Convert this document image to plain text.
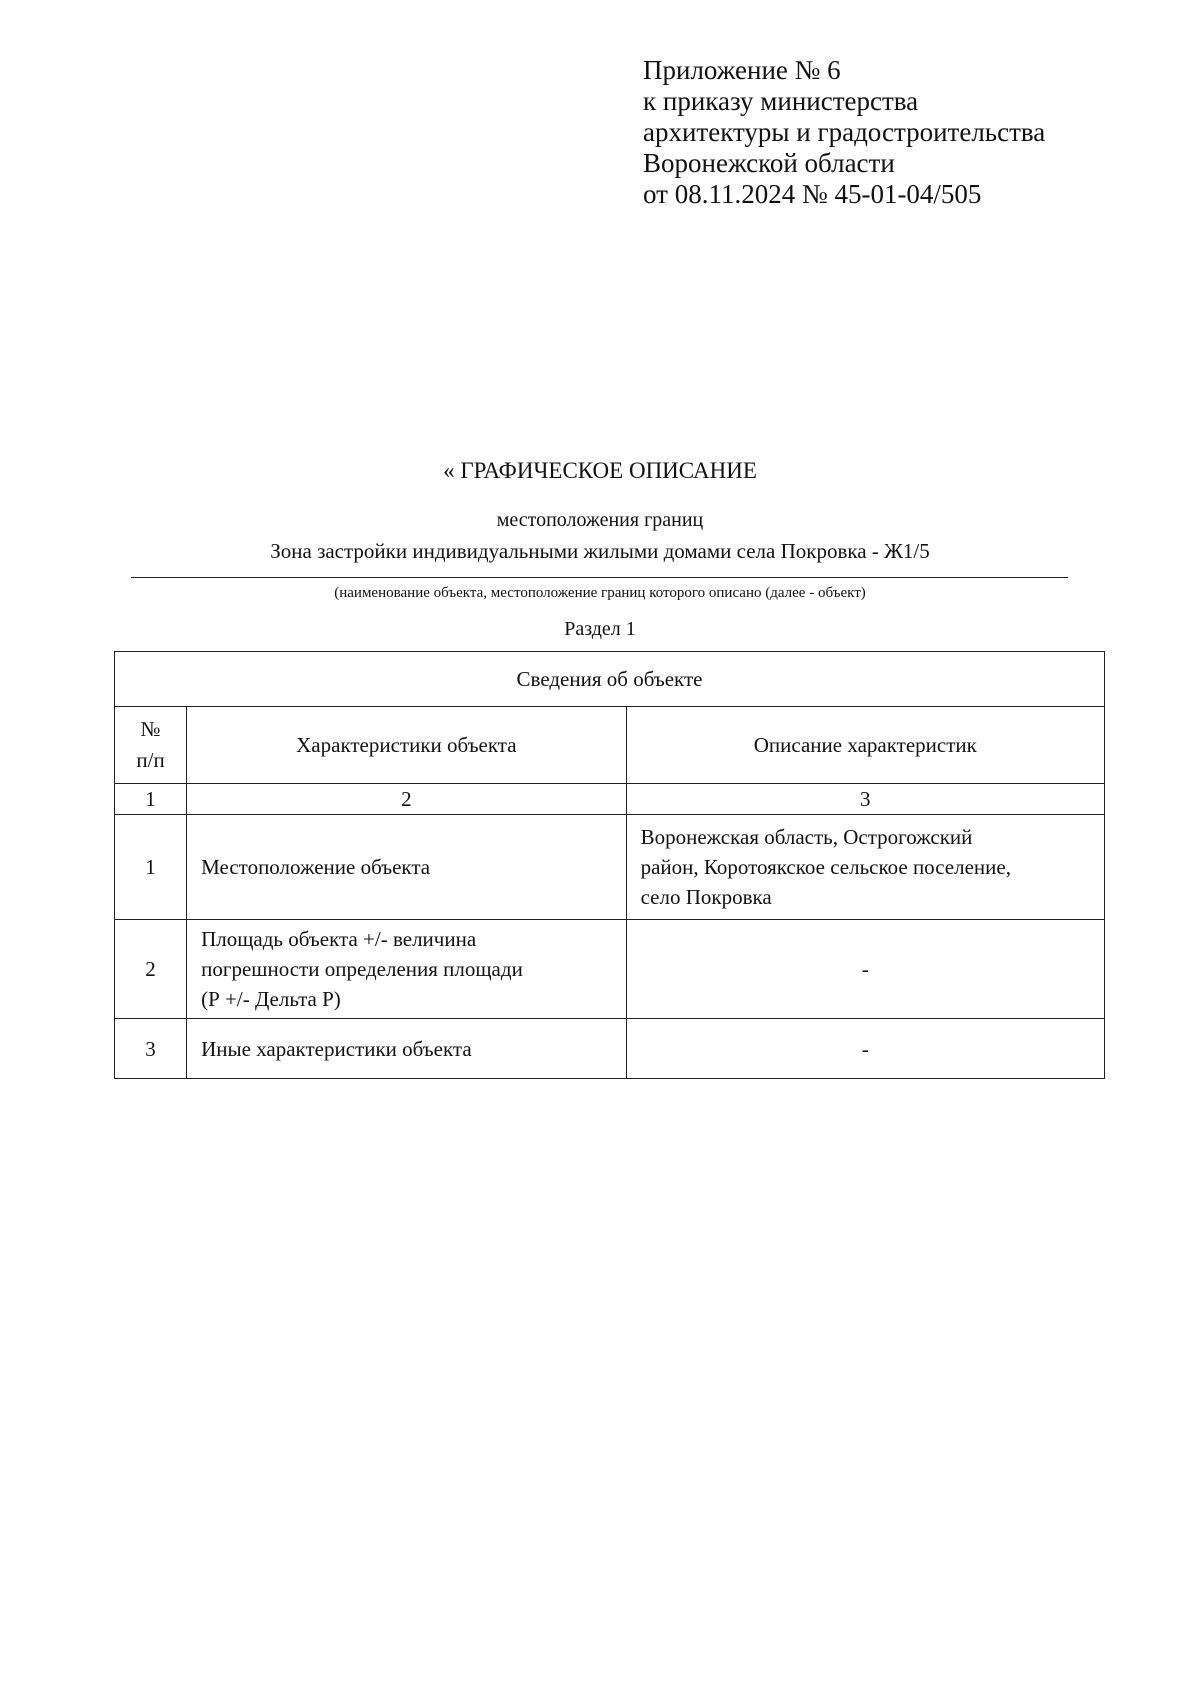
Приложение № 6
к приказу министерства
архитектуры и градостроительства
Воронежской области
от 08.11.2024 № 45-01-04/505
« ГРАФИЧЕСКОЕ ОПИСАНИЕ
местоположения границ
Зона застройки индивидуальными жилыми домами села Покровка - Ж1/5
(наименование объекта, местоположение границ которого описано (далее - объект)
Раздел 1
Сведения об объекте		

№
п/п	Характеристики объекта	Описание характеристик
1	2	3
1	Местоположение объекта	Воронежская область, Острогожский
район, Коротоякское сельское поселение,
село Покровка

2	Площадь объекта +/- величина
погрешности определения площади
(Р +/- Дельта Р)	-

3	Иные характеристики объекта	-
